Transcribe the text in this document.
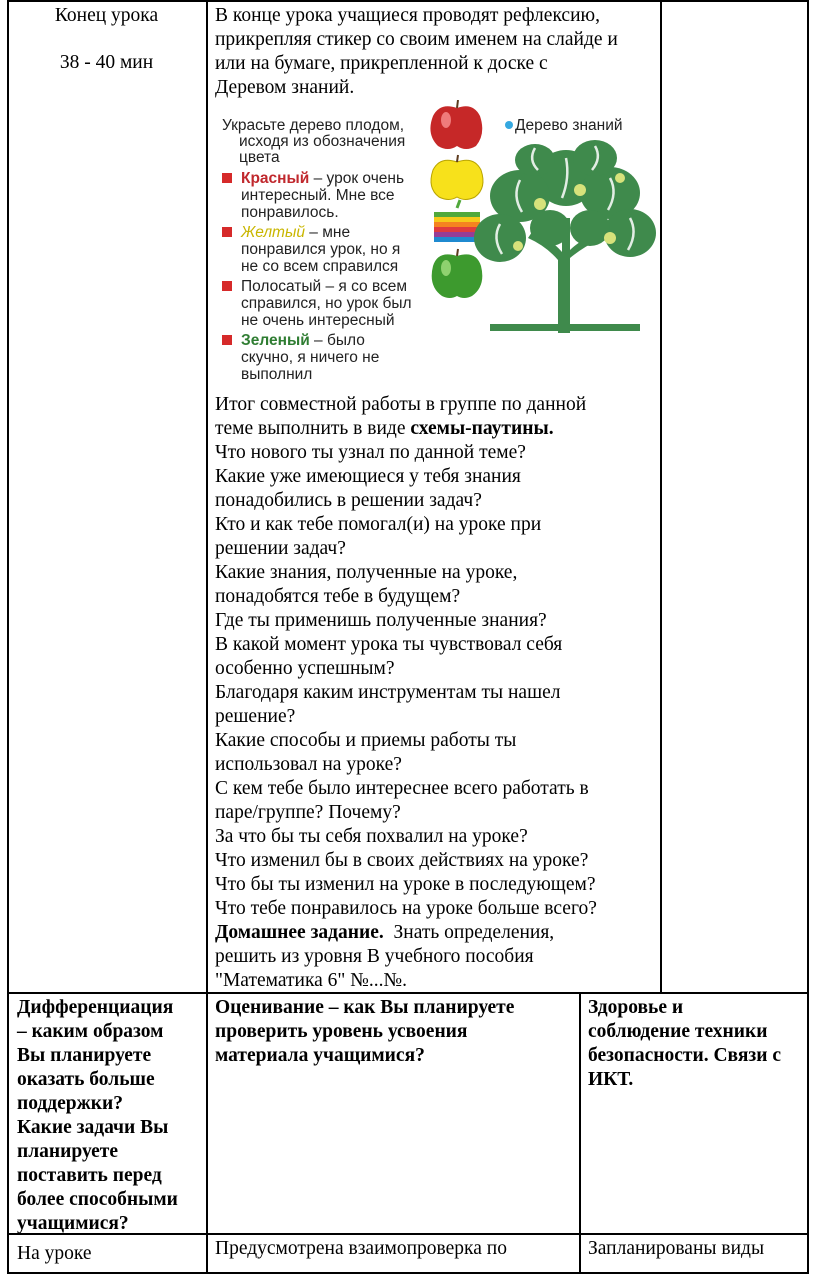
Конец урока
38 - 40 мин
В конце урока учащиеся проводят рефлексию,
прикрепляя стикер со своим именем на слайде и
или на бумаге, прикрепленной к доске с
Деревом знаний.
Украсьте дерево плодом,
исходя из обозначения
цвета
Красный – урок очень
интересный. Мне все
понравилось.
Желтый – мне
понравился урок, но я
не со всем справился
Полосатый – я со всем
справился, но урок был
не очень интересный
Зеленый – было
скучно, я ничего не
выполнил
Дерево знаний
Итог совместной работы в группе по данной
теме выполнить в виде схемы-паутины.
Что нового ты узнал по данной теме?
Какие уже имеющиеся у тебя знания
понадобились в решении задач?
Кто и как тебе помогал(и) на уроке при
решении задач?
Какие знания, полученные на уроке,
понадобятся тебе в будущем?
Где ты применишь полученные знания?
В какой момент урока ты чувствовал себя
особенно успешным?
Благодаря каким инструментам ты нашел
решение?
Какие способы и приемы работы ты
использовал на уроке?
С кем тебе было интереснее всего работать в
паре/группе? Почему?
За что бы ты себя похвалил на уроке?
Что изменил бы в своих действиях на уроке?
Что бы ты изменил на уроке в последующем?
Что тебе понравилось на уроке больше всего?
Домашнее задание.  Знать определения,
решить из уровня В учебного пособия
"Математика 6" №...№.
Дифференциация
– каким образом
Вы планируете
оказать больше
поддержки?
Какие задачи Вы
планируете
поставить перед
более способными
учащимися?
Оценивание – как Вы планируете
проверить уровень усвоения
материала учащимися?
Здоровье и
соблюдение техники
безопасности. Связи с
ИКТ.
На уроке	Предусмотрена взаимопроверка по	Запланированы виды
